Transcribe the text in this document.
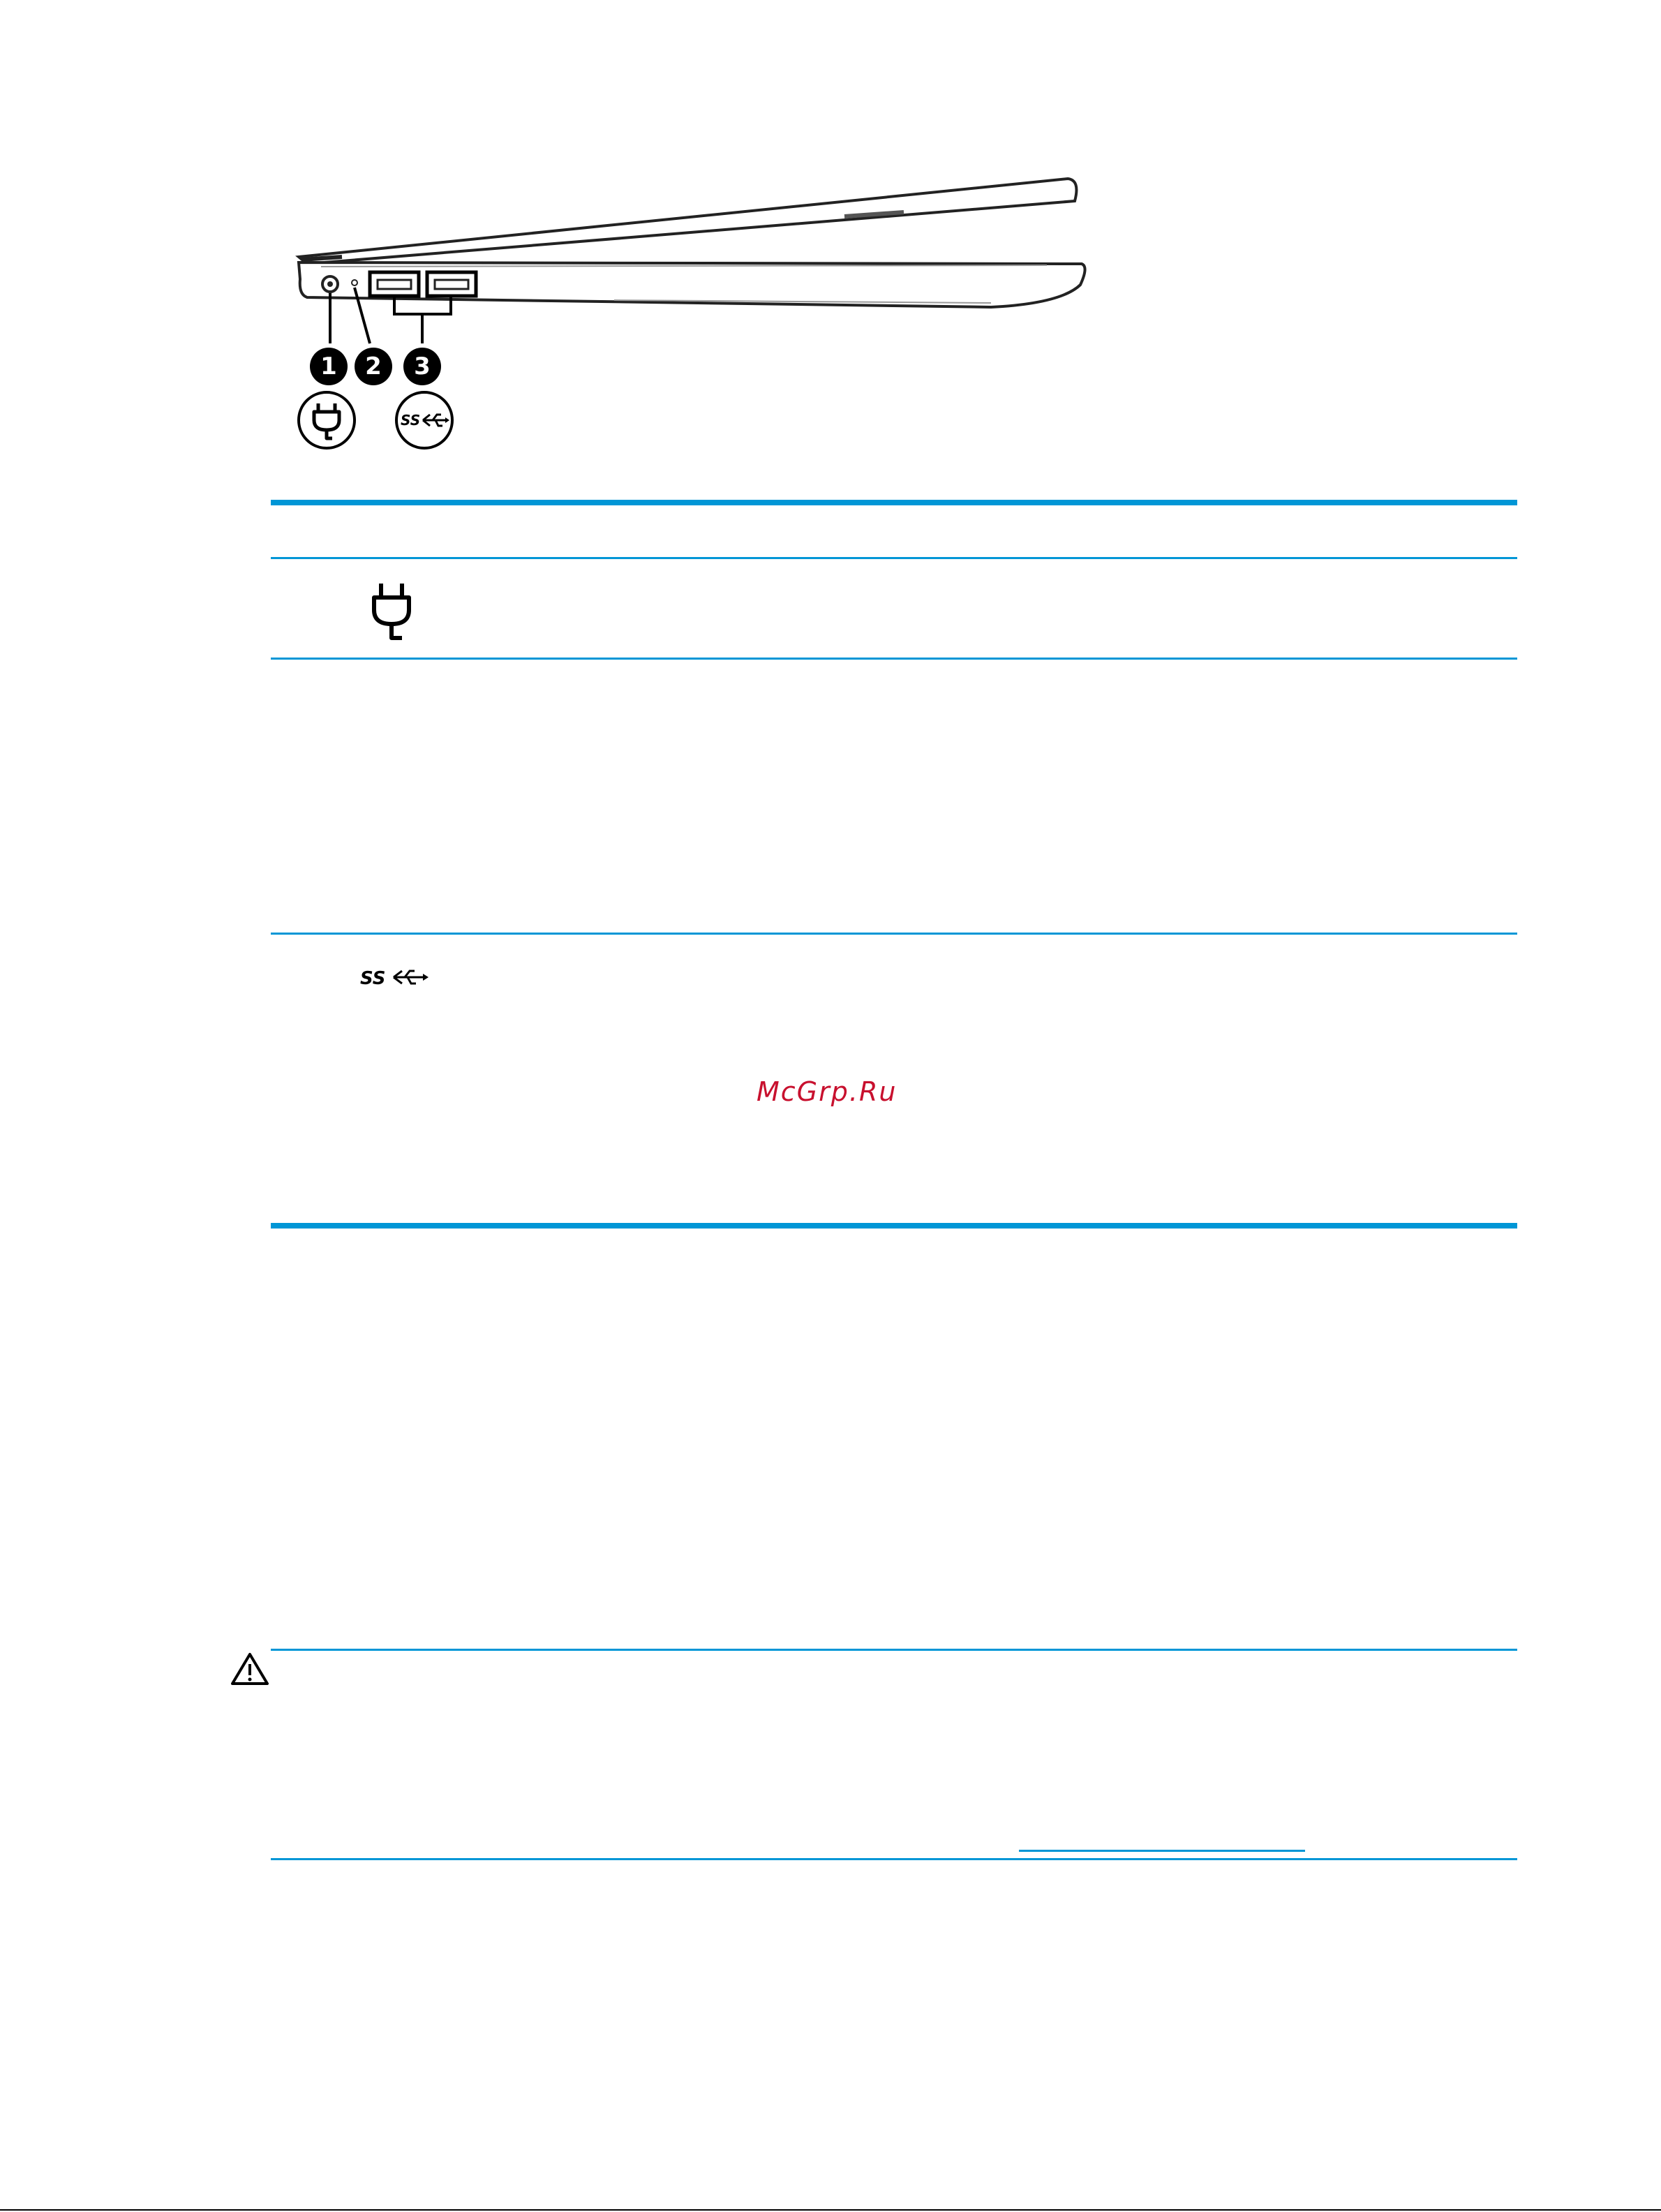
1 2 3
SS
SS
McGrp.Ru
